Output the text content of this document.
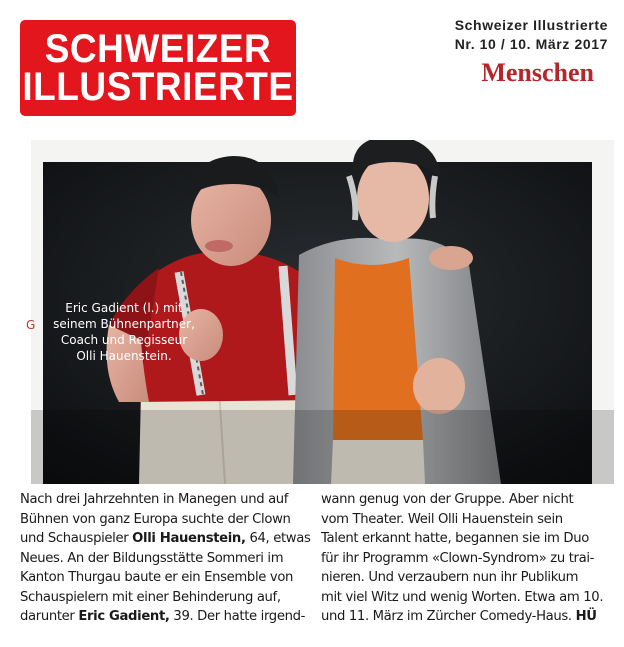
SCHWEIZER
ILLUSTRIERTE
Schweizer Illustrierte
Nr. 10 / 10. März 2017
Menschen
Eric Gadient (l.) mit seinem Bühnenpartner, Coach und Regisseur Olli Hauenstein.
G
Nach drei Jahrzehnten in Manegen und auf
Bühnen von ganz Europa suchte der Clown
und Schauspieler Olli Hauenstein, 64, etwas
Neues. An der Bildungsstätte Sommeri im
Kanton Thurgau baute er ein Ensemble von
Schauspielern mit einer Behinderung auf,
darunter Eric Gadient, 39. Der hatte irgend-
wann genug von der Gruppe. Aber nicht
vom Theater. Weil Olli Hauenstein sein
Talent erkannt hatte, begannen sie im Duo
für ihr Programm «Clown-Syndrom» zu trai-
nieren. Und verzaubern nun ihr Publikum
mit viel Witz und wenig Worten. Etwa am 10.
und 11. März im Zürcher Comedy-Haus. HÜ
